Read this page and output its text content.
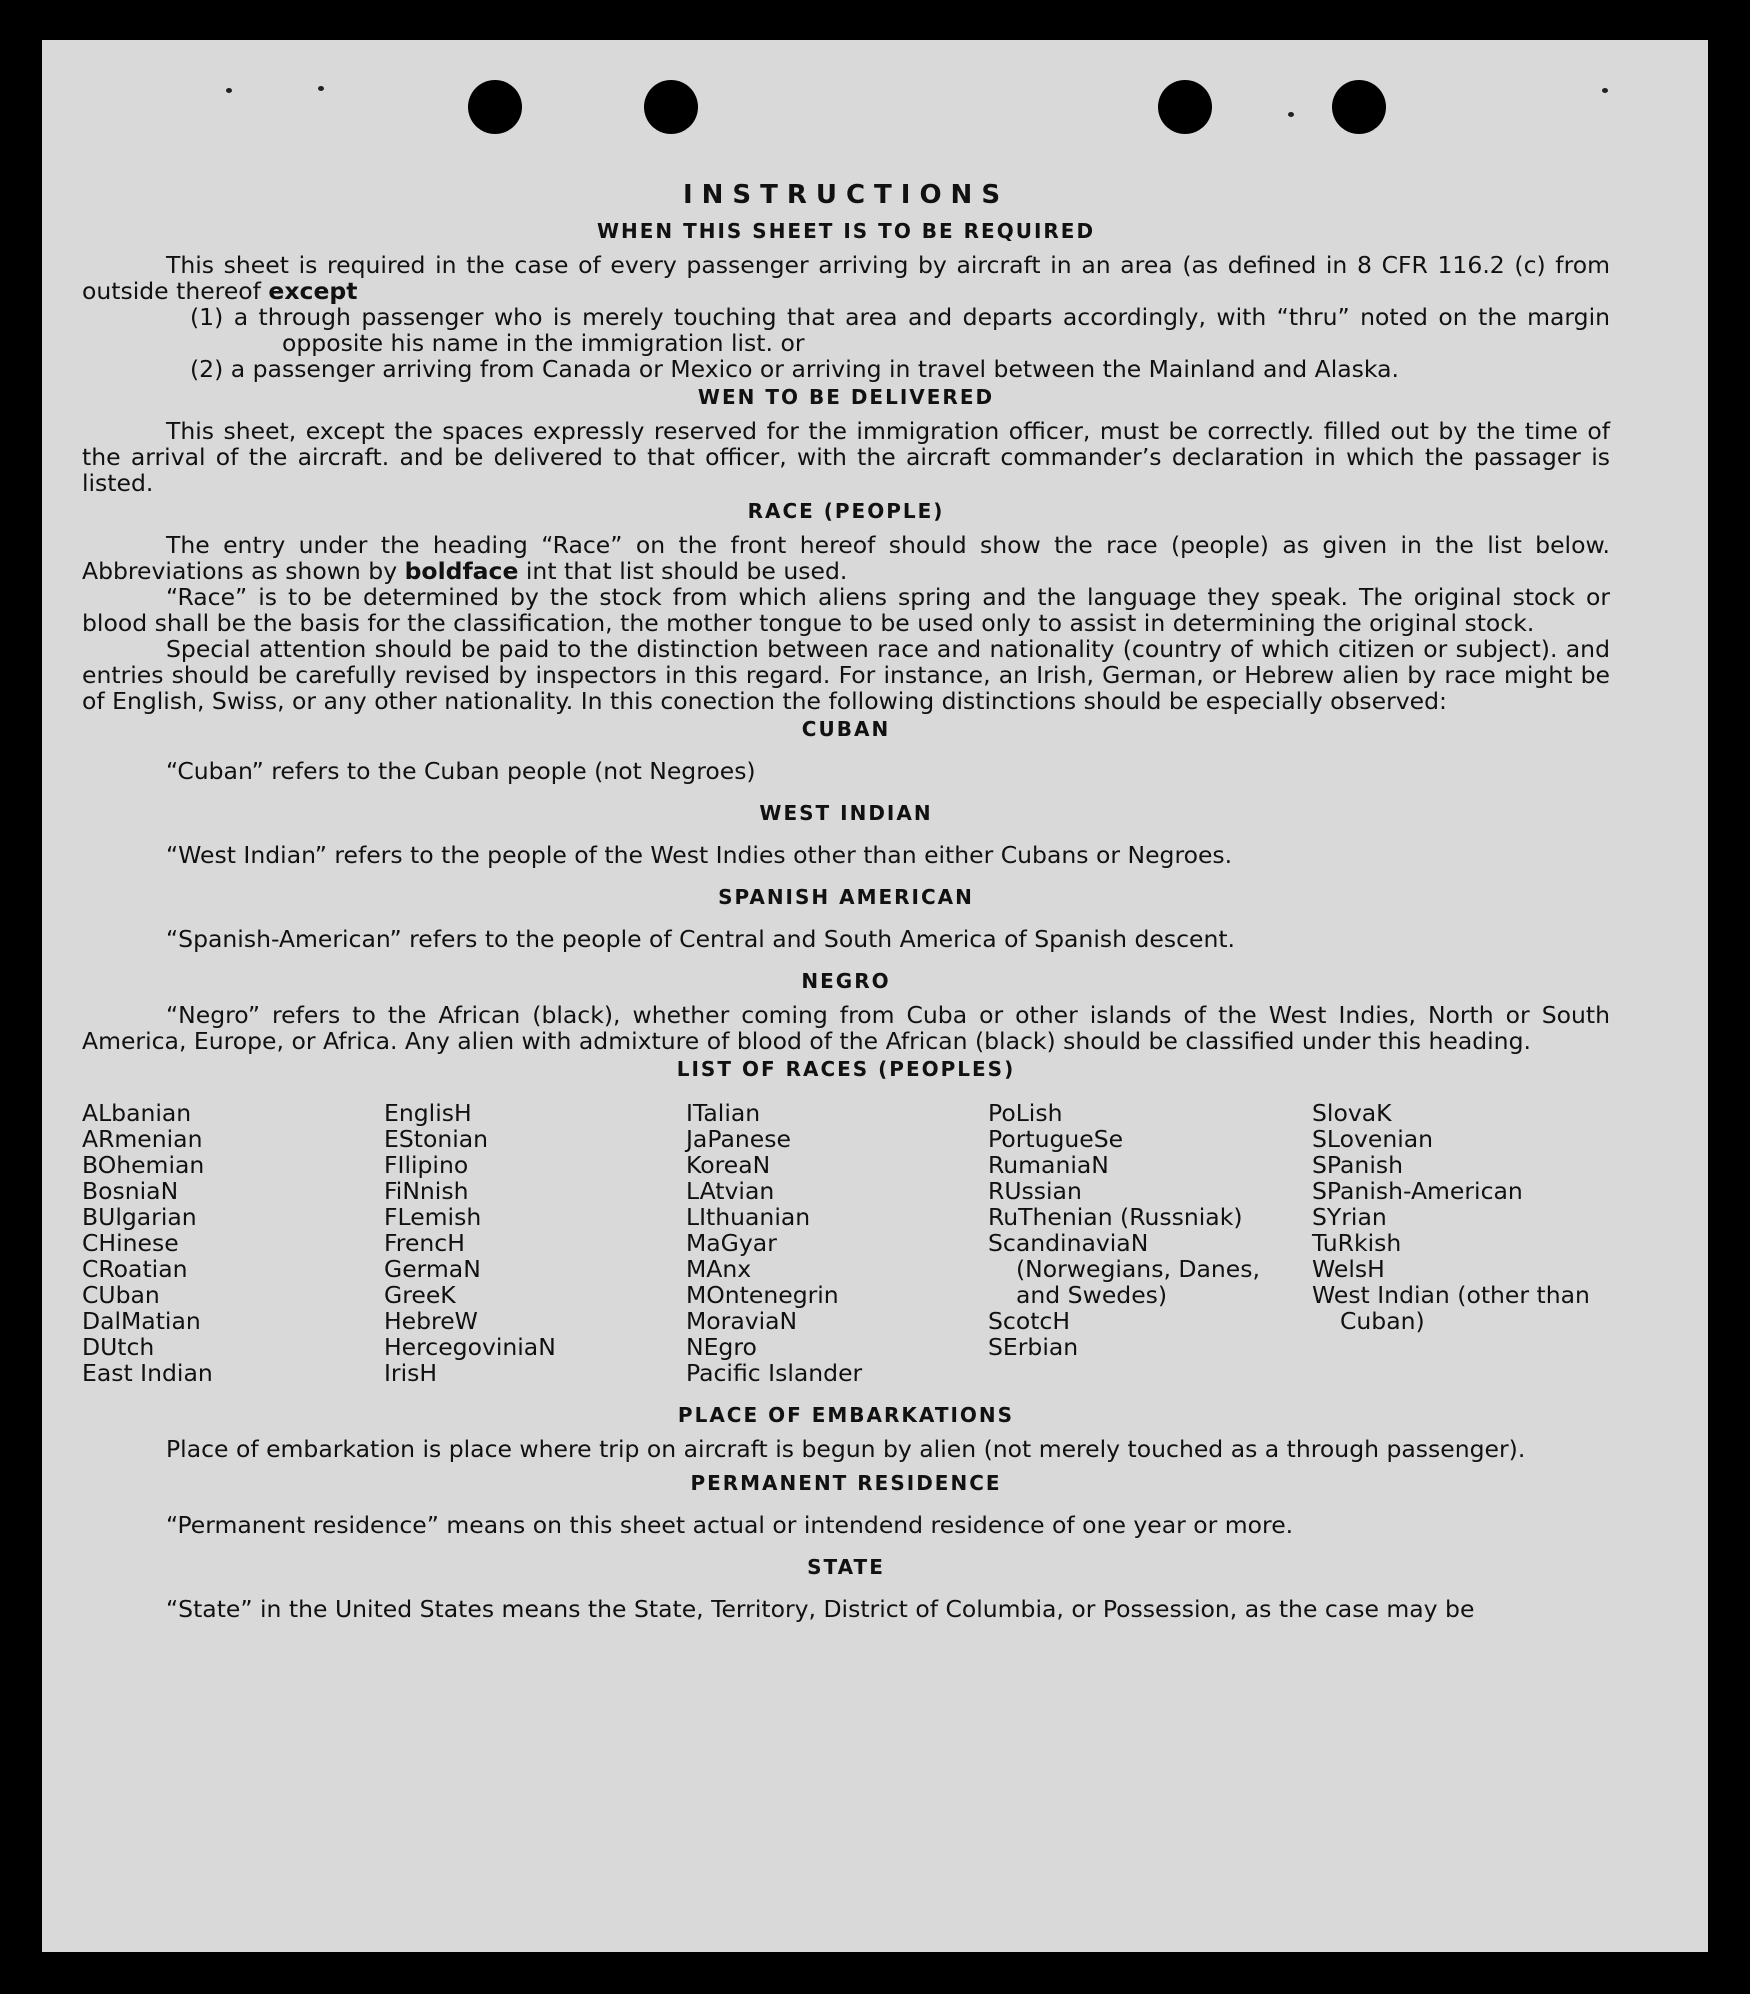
INSTRUCTIONS
WHEN THIS SHEET IS TO BE REQUIRED

This sheet is required in the case of every passenger arriving by aircraft in an area (as defined in 8 CFR 116.2 (c) from outside thereof except

(1) a through passenger who is merely touching that area and departs accordingly, with “thru” noted on the margin opposite his name in the immigration list. or

(2) a passenger arriving from Canada or Mexico or arriving in travel between the Mainland and Alaska.

WEN TO BE DELIVERED

This sheet, except the spaces expressly reserved for the immigration officer, must be correctly. filled out by the time of the arrival of the aircraft. and be delivered to that officer, with the aircraft commander’s declaration in which the passager is listed.

RACE (PEOPLE)

The entry under the heading “Race” on the front hereof should show the race (people) as given in the list below. Abbreviations as shown by boldface int that list should be used.

“Race” is to be determined by the stock from which aliens spring and the language they speak. The original stock or blood shall be the basis for the classification, the mother tongue to be used only to assist in determining the original stock.

Special attention should be paid to the distinction between race and nationality (country of which citizen or subject). and entries should be carefully revised by inspectors in this regard. For instance, an Irish, German, or Hebrew alien by race might be of English, Swiss, or any other nationality. In this conection the following distinctions should be especially observed:

CUBAN

“Cuban” refers to the Cuban people (not Negroes)

WEST INDIAN

“West Indian” refers to the people of the West Indies other than either Cubans or Negroes.

SPANISH AMERICAN

“Spanish-American” refers to the people of Central and South America of Spanish descent.

NEGRO

“Negro” refers to the African (black), whether coming from Cuba or other islands of the West Indies, North or South America, Europe, or Africa. Any alien with admixture of blood of the African (black) should be classified under this heading.

LIST OF RACES (PEOPLES)
ALbanian
ARmenian
BOhemian
BosniaN
BUlgarian
CHinese
CRoatian
CUban
DalMatian
DUtch
East Indian
EnglisH
EStonian
FIlipino
FiNnish
FLemish
FrencH
GermaN
GreeK
HebreW
HercegoviniaN
IrisH
ITalian
JaPanese
KoreaN
LAtvian
LIthuanian
MaGyar
MAnx
MOntenegrin
MoraviaN
NEgro
Pacific Islander
PoLish
PortugueSe
RumaniaN
RUssian
RuThenian (Russniak)
ScandinaviaN (Norwegians, Danes, and Swedes)
ScotcH
SErbian
SlovaK
SLovenian
SPanish
SPanish-American
SYrian
TuRkish
WelsH
West Indian (other than Cuban)
PLACE OF EMBARKATIONS

Place of embarkation is place where trip on aircraft is begun by alien (not merely touched as a through passenger).

PERMANENT RESIDENCE

“Permanent residence” means on this sheet actual or intendend residence of one year or more.

STATE

“State” in the United States means the State, Territory, District of Columbia, or Possession, as the case may be
